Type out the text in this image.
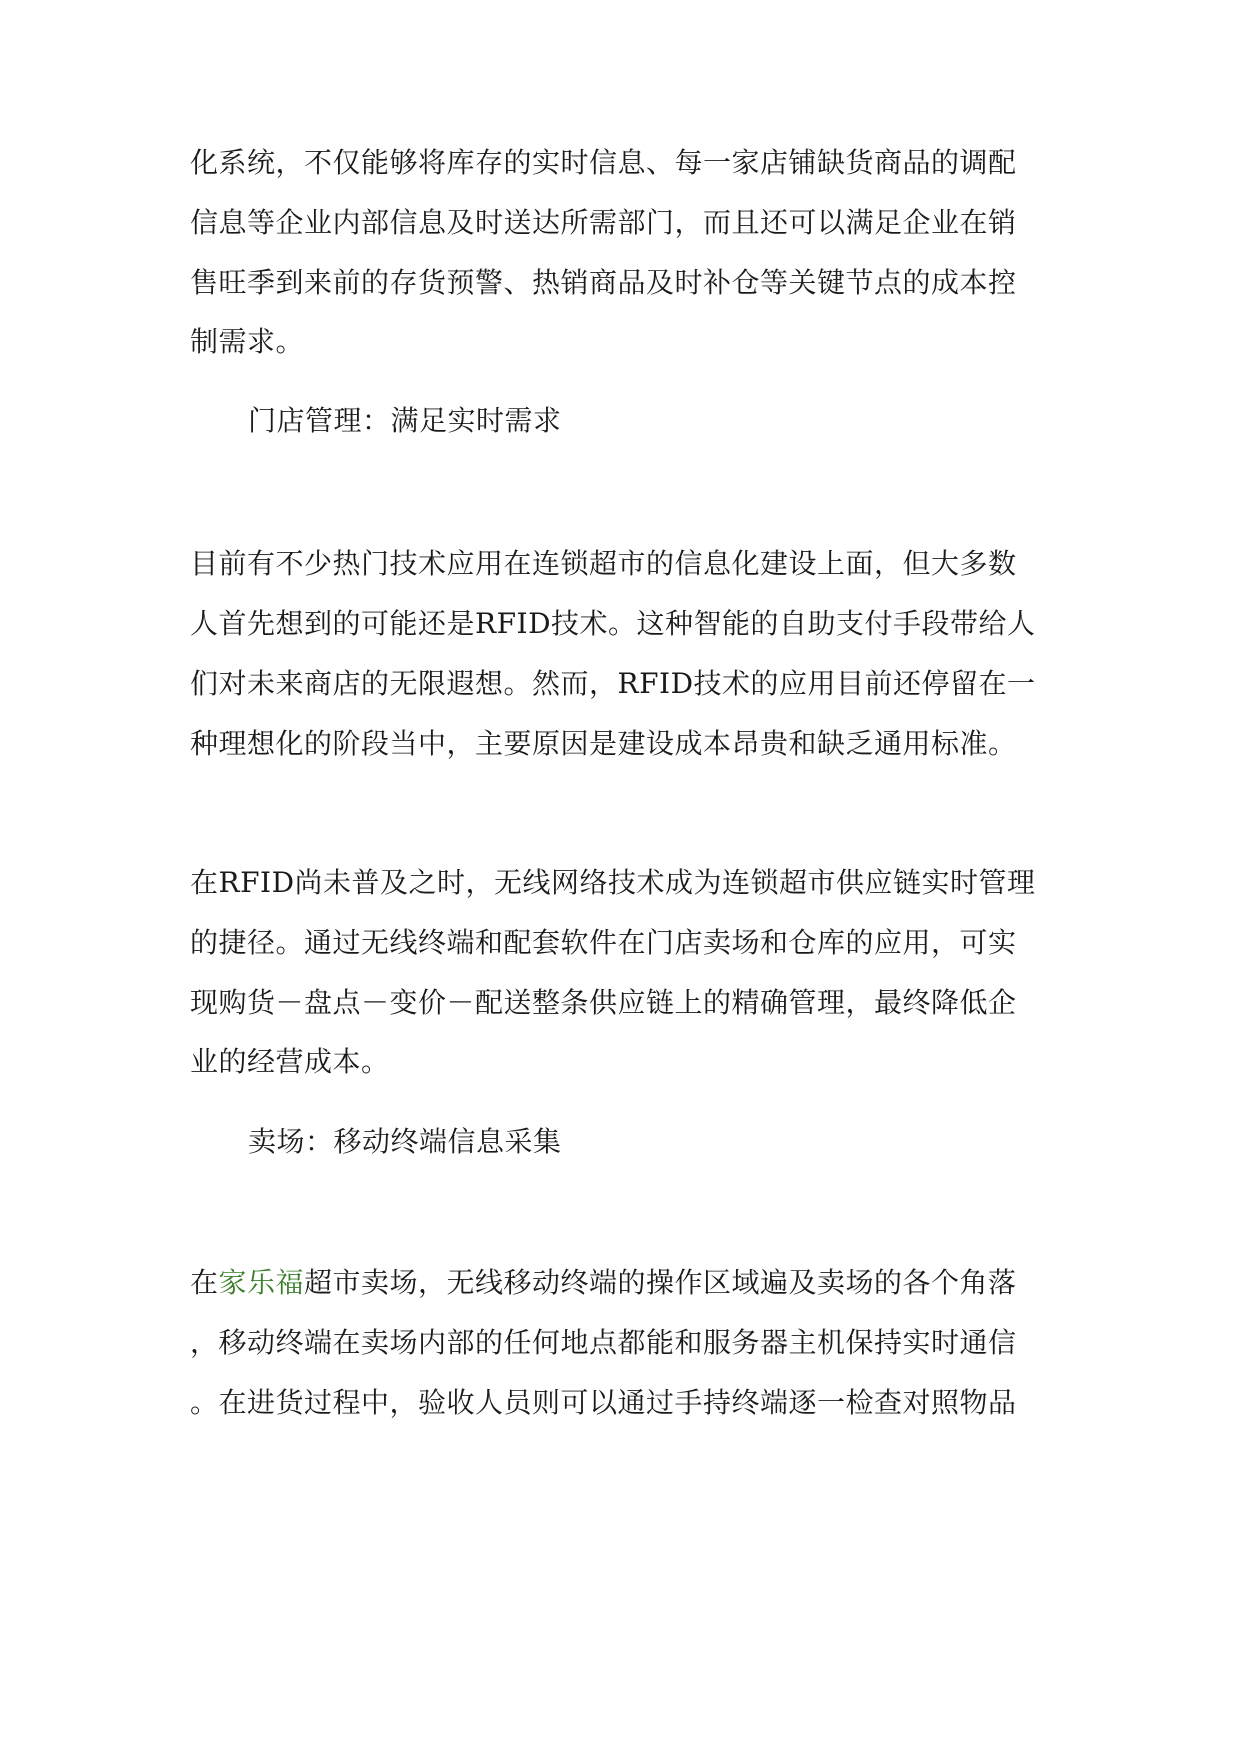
化系统，不仅能够将库存的实时信息、每一家店铺缺货商品的调配
信息等企业内部信息及时送达所需部门，而且还可以满足企业在销
售旺季到来前的存货预警、热销商品及时补仓等关键节点的成本控
制需求。
门店管理：满足实时需求
目前有不少热门技术应用在连锁超市的信息化建设上面，但大多数
人首先想到的可能还是RFID技术。这种智能的自助支付手段带给人
们对未来商店的无限遐想。然而，RFID技术的应用目前还停留在一
种理想化的阶段当中，主要原因是建设成本昂贵和缺乏通用标准。
在RFID尚未普及之时，无线网络技术成为连锁超市供应链实时管理
的捷径。通过无线终端和配套软件在门店卖场和仓库的应用，可实
现购货－盘点－变价－配送整条供应链上的精确管理，最终降低企
业的经营成本。
卖场：移动终端信息采集
在家乐福超市卖场，无线移动终端的操作区域遍及卖场的各个角落
，移动终端在卖场内部的任何地点都能和服务器主机保持实时通信
。在进货过程中，验收人员则可以通过手持终端逐一检查对照物品
